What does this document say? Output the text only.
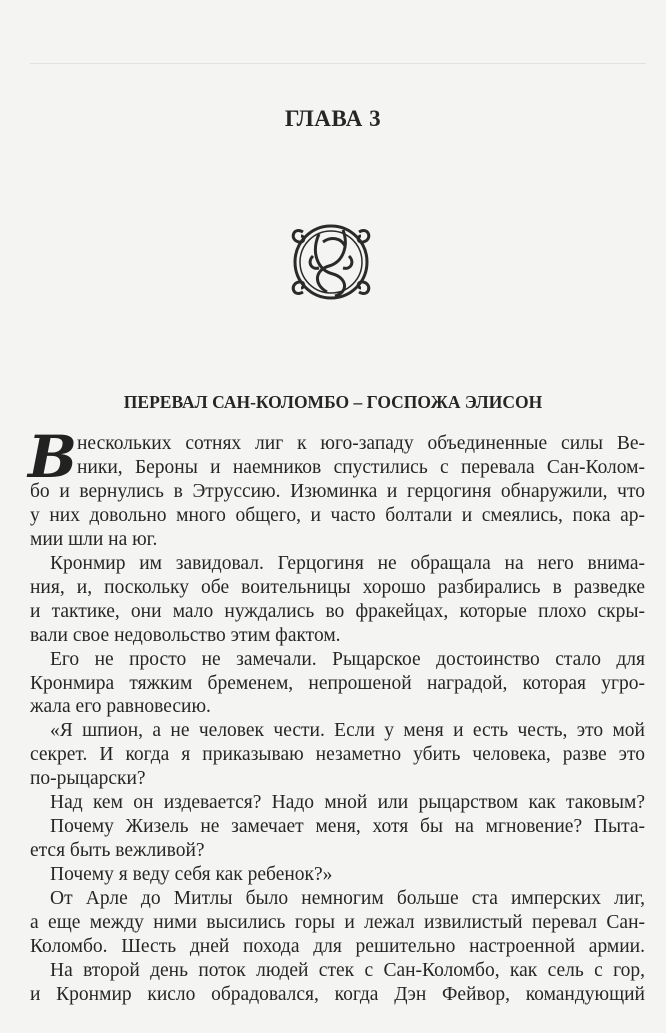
ГЛАВА 3
ПЕРЕВАЛ САН-КОЛОМБО – ГОСПОЖА ЭЛИСОН
В нескольких сотнях лиг к юго-западу объединенные силы Ве-
ники, Бероны и наемников спустились с перевала Сан-Колом-
бо и вернулись в Этруссию. Изюминка и герцогиня обнаружили, что
у них довольно много общего, и часто болтали и смеялись, пока ар-
мии шли на юг.
Кронмир им завидовал. Герцогиня не обращала на него внима-
ния, и, поскольку обе воительницы хорошо разбирались в разведке
и тактике, они мало нуждались во фракейцах, которые плохо скры-
вали свое недовольство этим фактом.
Его не просто не замечали. Рыцарское достоинство стало для
Кронмира тяжким бременем, непрошеной наградой, которая угро-
жала его равновесию.
«Я шпион, а не человек чести. Если у меня и есть честь, это мой
секрет. И когда я приказываю незаметно убить человека, разве это
по-рыцарски?
Над кем он издевается? Надо мной или рыцарством как таковым?
Почему Жизель не замечает меня, хотя бы на мгновение? Пыта-
ется быть вежливой?
Почему я веду себя как ребенок?»
От Арле до Митлы было немногим больше ста имперских лиг,
а еще между ними высились горы и лежал извилистый перевал Сан-
Коломбо. Шесть дней похода для решительно настроенной армии.
На второй день поток людей стек с Сан-Коломбо, как сель с гор,
и Кронмир кисло обрадовался, когда Дэн Фейвор, командующий
